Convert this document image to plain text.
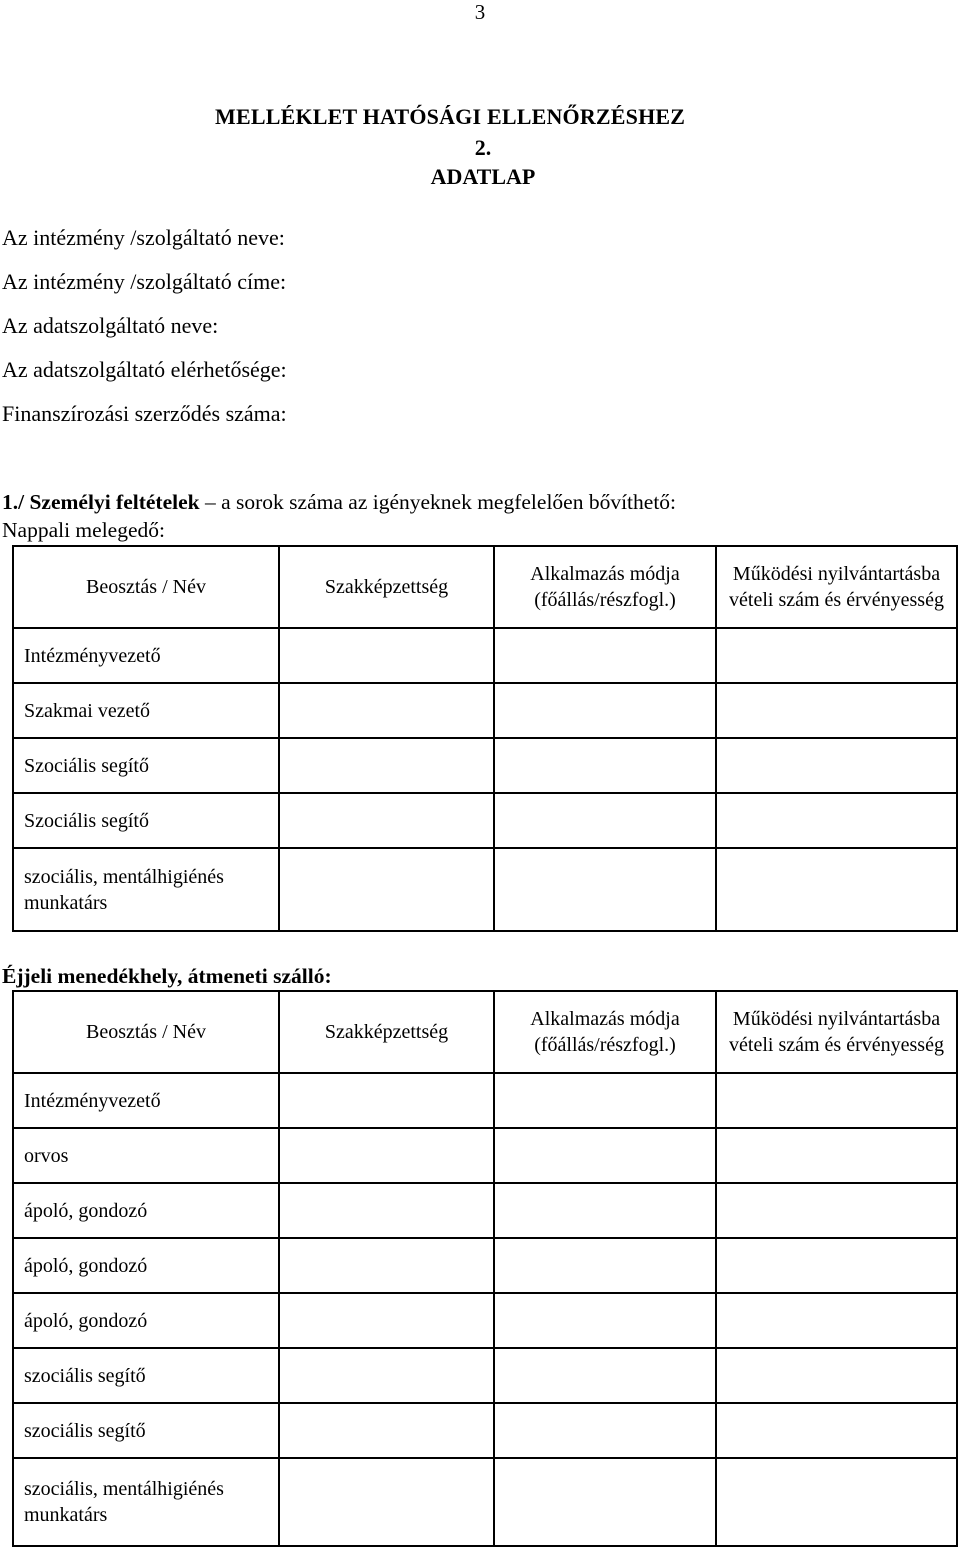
3
MELLÉKLET HATÓSÁGI ELLENŐRZÉSHEZ
2.
ADATLAP
Az intézmény /szolgáltató neve:
Az intézmény /szolgáltató címe:
Az adatszolgáltató neve:
Az adatszolgáltató elérhetősége:
Finanszírozási szerződés száma:
1./ Személyi feltételek – a sorok száma az igényeknek megfelelően bővíthető:
Nappali melegedő:
Beosztás / Név	Szakképzettség	Alkalmazás módja (főállás/részfogl.)	Működési nyilvántartásba vételi szám és érvényesség
Intézményvezető			
Szakmai vezető			
Szociális segítő			
Szociális segítő			
szociális, mentálhigiénés munkatárs			
Éjjeli menedékhely, átmeneti szálló:
Beosztás / Név	Szakképzettség	Alkalmazás módja (főállás/részfogl.)	Működési nyilvántartásba vételi szám és érvényesség
Intézményvezető			
orvos			
ápoló, gondozó			
ápoló, gondozó			
ápoló, gondozó			
szociális segítő			
szociális segítő			
szociális, mentálhigiénés munkatárs			
